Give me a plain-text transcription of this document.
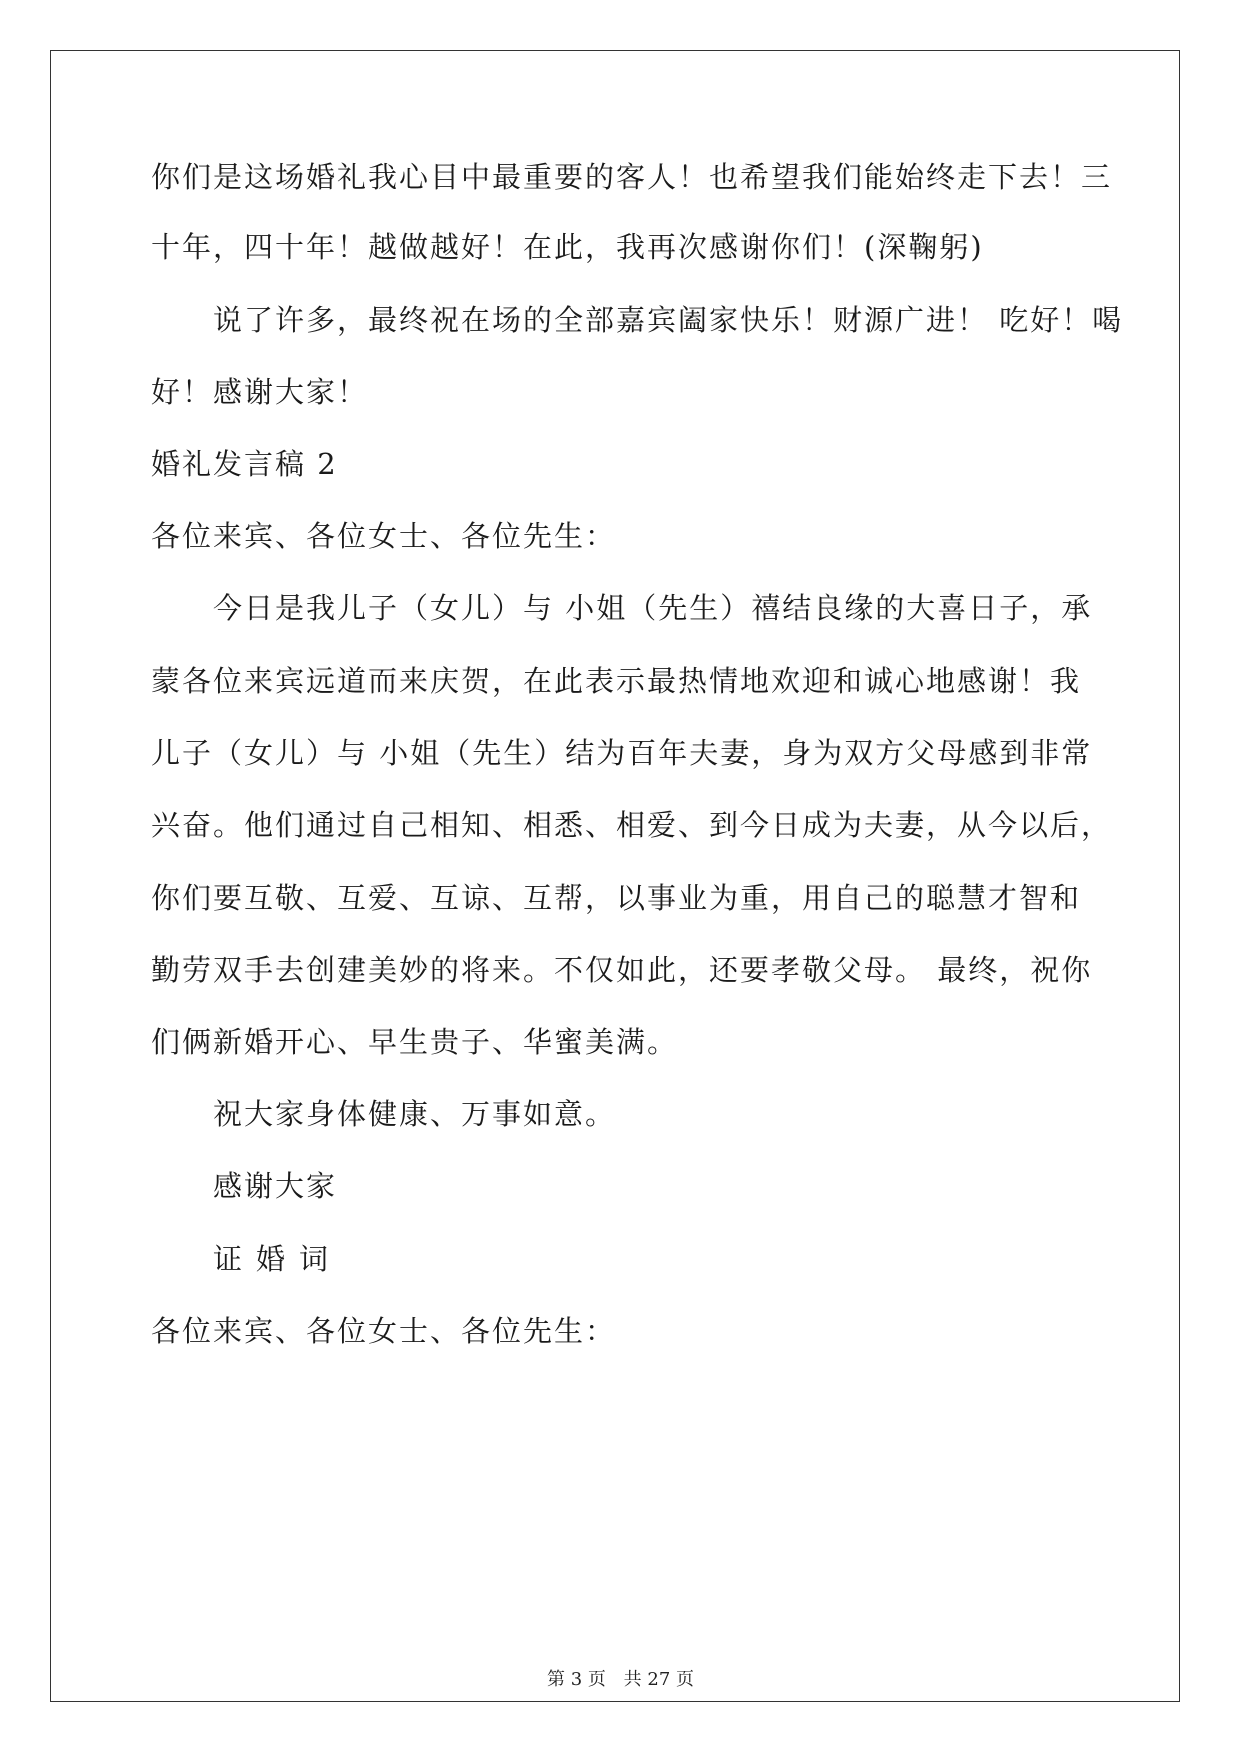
你们是这场婚礼我心目中最重要的客人！也希望我们能始终走下去！三
十年，四十年！越做越好！在此，我再次感谢你们！(深鞠躬)
说了许多，最终祝在场的全部嘉宾阖家快乐！财源广进！ 吃好！喝
好！感谢大家！
婚礼发言稿 2
各位来宾、各位女士、各位先生：
今日是我儿子（女儿）与 小姐（先生）禧结良缘的大喜日子，承
蒙各位来宾远道而来庆贺，在此表示最热情地欢迎和诚心地感谢！我
儿子（女儿）与 小姐（先生）结为百年夫妻，身为双方父母感到非常
兴奋。他们通过自己相知、相悉、相爱、到今日成为夫妻，从今以后，
你们要互敬、互爱、互谅、互帮，以事业为重，用自己的聪慧才智和
勤劳双手去创建美妙的将来。不仅如此，还要孝敬父母。 最终，祝你
们俩新婚开心、早生贵子、华蜜美满。
祝大家身体健康、万事如意。
感谢大家
证婚词
各位来宾、各位女士、各位先生：
第 3 页 共 27 页
